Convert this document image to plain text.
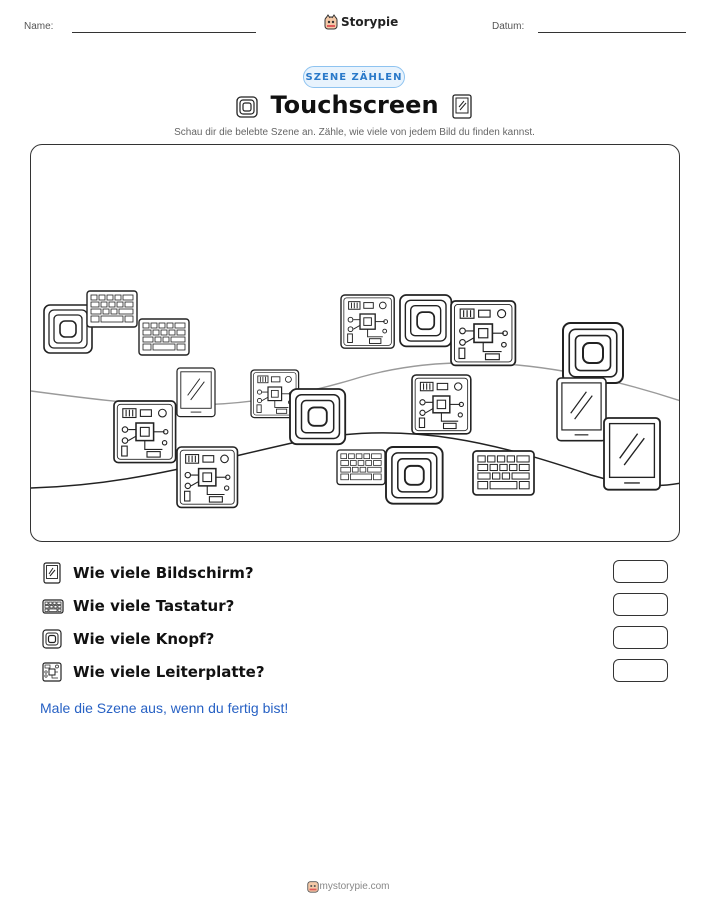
Name:	Storypie	Datum:
SZENE ZÄHLEN
Touchscreen
Schau dir die belebte Szene an. Zähle, wie viele von jedem Bild du finden kannst.
Wie viele Bildschirm?
Wie viele Tastatur?
Wie viele Knopf?
Wie viele Leiterplatte?
Male die Szene aus, wenn du fertig bist!
mystorypie.com
